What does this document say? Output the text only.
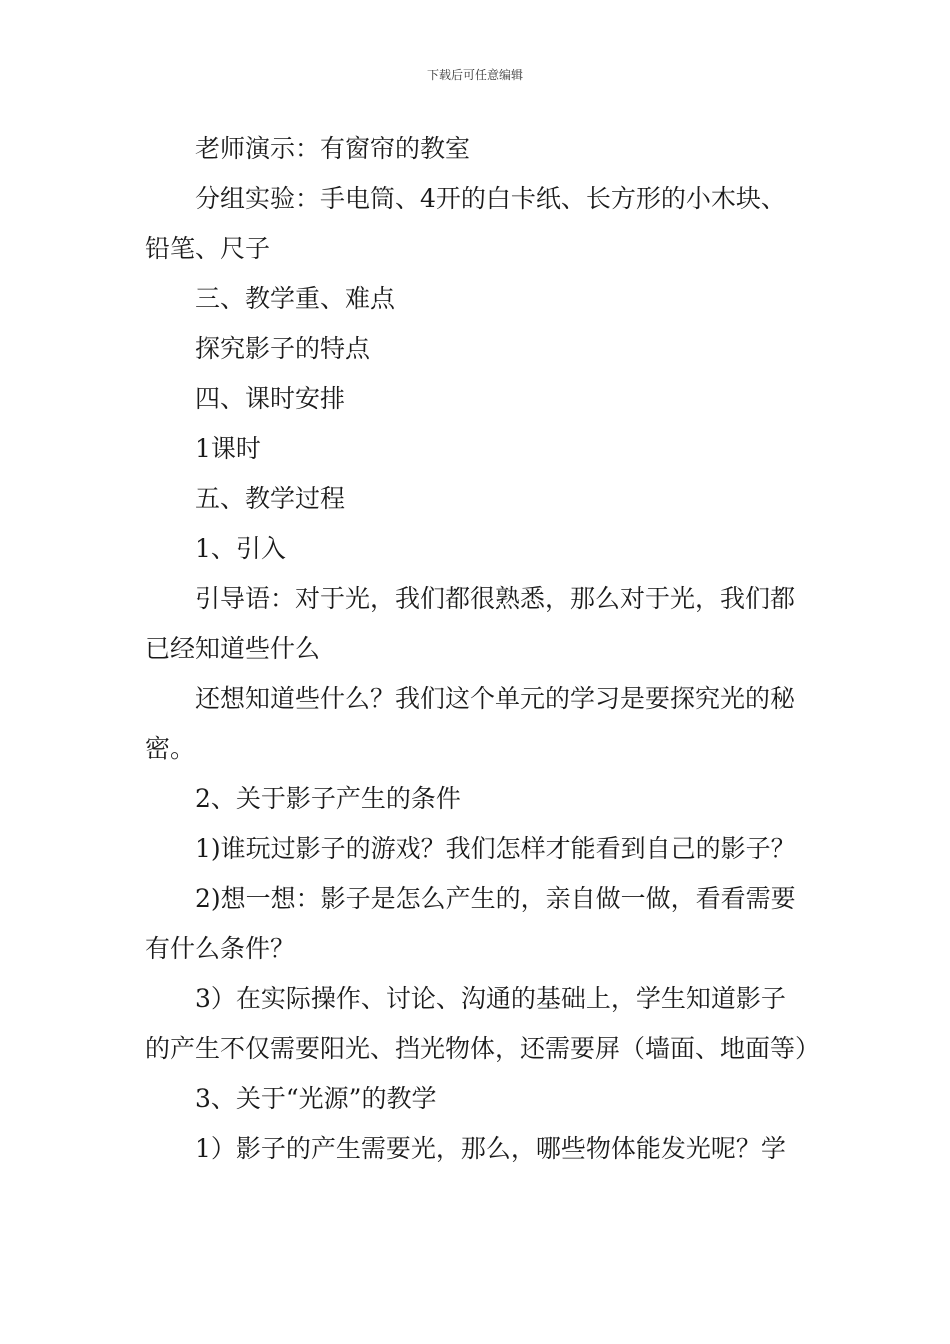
下载后可任意编辑

老师演示：有窗帘的教室

分组实验：手电筒、4开的白卡纸、长方形的小木块、铅笔、尺子

三、教学重、难点

探究影子的特点

四、课时安排

1课时

五、教学过程

1、引入

引导语：对于光，我们都很熟悉，那么对于光，我们都已经知道些什么

还想知道些什么？我们这个单元的学习是要探究光的秘密。

2、关于影子产生的条件

1)谁玩过影子的游戏？我们怎样才能看到自己的影子？

2)想一想：影子是怎么产生的，亲自做一做，看看需要有什么条件？

3）在实际操作、讨论、沟通的基础上，学生知道影子的产生不仅需要阳光、挡光物体，还需要屏（墙面、地面等）

3、关于“光源”的教学

1）影子的产生需要光，那么，哪些物体能发光呢？学
